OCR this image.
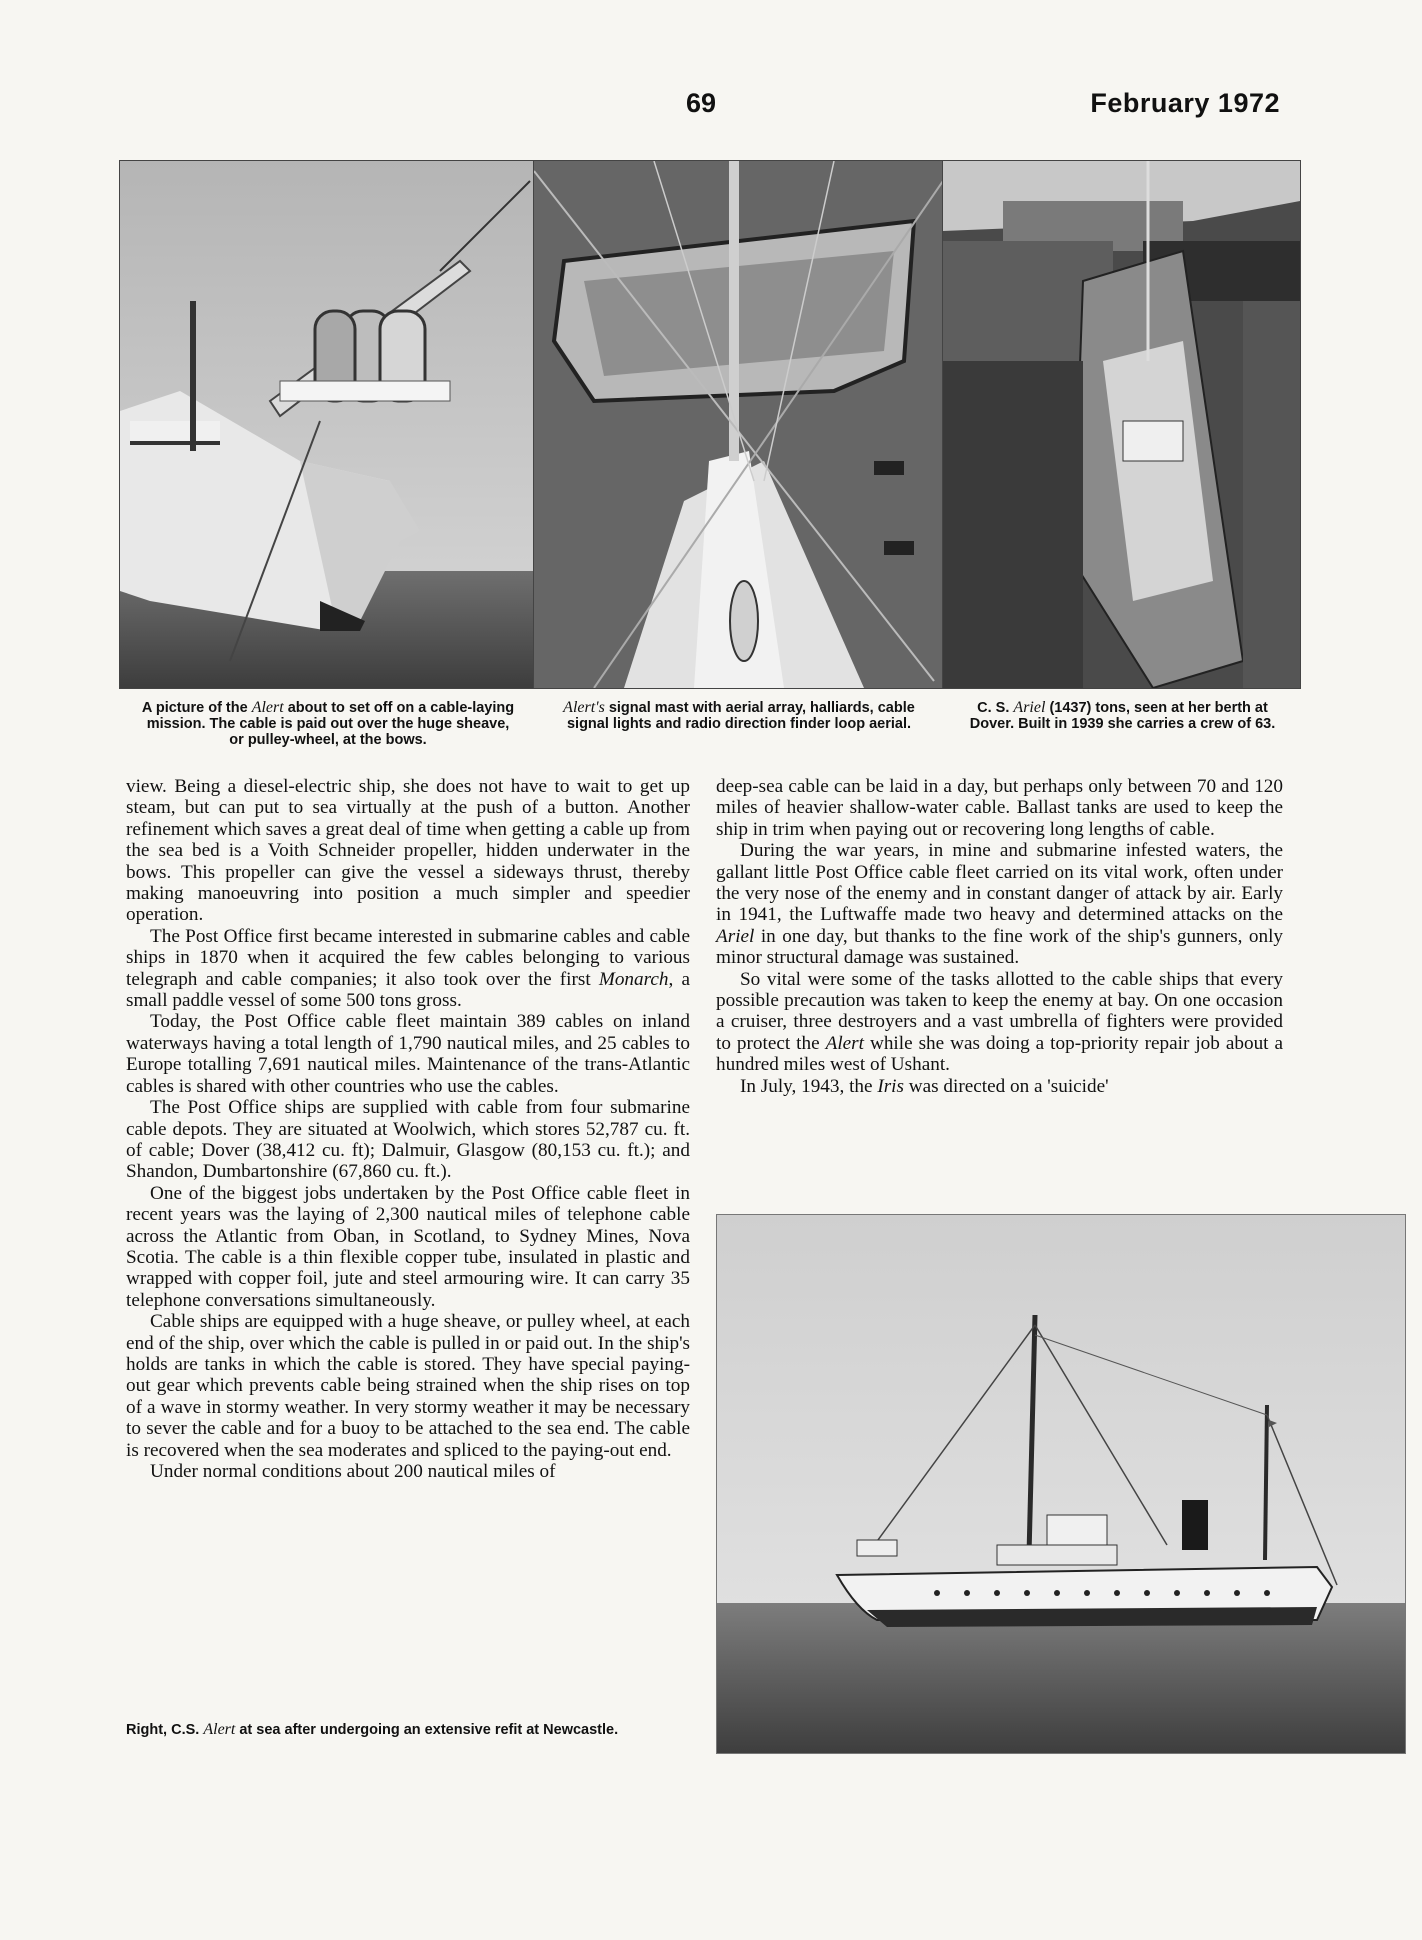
69	February 1972
A picture of the Alert about to set off on a cable-laying mission. The cable is paid out over the huge sheave, or pulley-wheel, at the bows.
Alert's signal mast with aerial array, halliards, cable signal lights and radio direction finder loop aerial.
C. S. Ariel (1437) tons, seen at her berth at Dover. Built in 1939 she carries a crew of 63.

view. Being a diesel-electric ship, she does not have to wait to get up steam, but can put to sea virtually at the push of a button. Another refinement which saves a great deal of time when getting a cable up from the sea bed is a Voith Schneider propeller, hidden underwater in the bows. This propeller can give the vessel a sideways thrust, thereby making manoeuvring into position a much simpler and speedier operation.

The Post Office first became interested in submarine cables and cable ships in 1870 when it acquired the few cables belonging to various telegraph and cable companies; it also took over the first Monarch, a small paddle vessel of some 500 tons gross.

Today, the Post Office cable fleet maintain 389 cables on inland waterways having a total length of 1,790 nautical miles, and 25 cables to Europe totalling 7,691 nautical miles. Maintenance of the trans-Atlantic cables is shared with other countries who use the cables.

The Post Office ships are supplied with cable from four submarine cable depots. They are situated at Woolwich, which stores 52,787 cu. ft. of cable; Dover (38,412 cu. ft); Dalmuir, Glasgow (80,153 cu. ft.); and Shandon, Dumbartonshire (67,860 cu. ft.).

One of the biggest jobs undertaken by the Post Office cable fleet in recent years was the laying of 2,300 nautical miles of telephone cable across the Atlantic from Oban, in Scotland, to Sydney Mines, Nova Scotia. The cable is a thin flexible copper tube, insulated in plastic and wrapped with copper foil, jute and steel armouring wire. It can carry 35 telephone conversations simultaneously.

Cable ships are equipped with a huge sheave, or pulley wheel, at each end of the ship, over which the cable is pulled in or paid out. In the ship's holds are tanks in which the cable is stored. They have special paying-out gear which prevents cable being strained when the ship rises on top of a wave in stormy weather. In very stormy weather it may be necessary to sever the cable and for a buoy to be attached to the sea end. The cable is recovered when the sea moderates and spliced to the paying-out end.

Under normal conditions about 200 nautical miles of

deep-sea cable can be laid in a day, but perhaps only between 70 and 120 miles of heavier shallow-water cable. Ballast tanks are used to keep the ship in trim when paying out or recovering long lengths of cable.

During the war years, in mine and submarine infested waters, the gallant little Post Office cable fleet carried on its vital work, often under the very nose of the enemy and in constant danger of attack by air. Early in 1941, the Luftwaffe made two heavy and determined attacks on the Ariel in one day, but thanks to the fine work of the ship's gunners, only minor structural damage was sustained.

So vital were some of the tasks allotted to the cable ships that every possible precaution was taken to keep the enemy at bay. On one occasion a cruiser, three destroyers and a vast umbrella of fighters were provided to protect the Alert while she was doing a top-priority repair job about a hundred miles west of Ushant.

In July, 1943, the Iris was directed on a 'suicide'

Right, C.S. Alert at sea after undergoing an extensive refit at Newcastle.
